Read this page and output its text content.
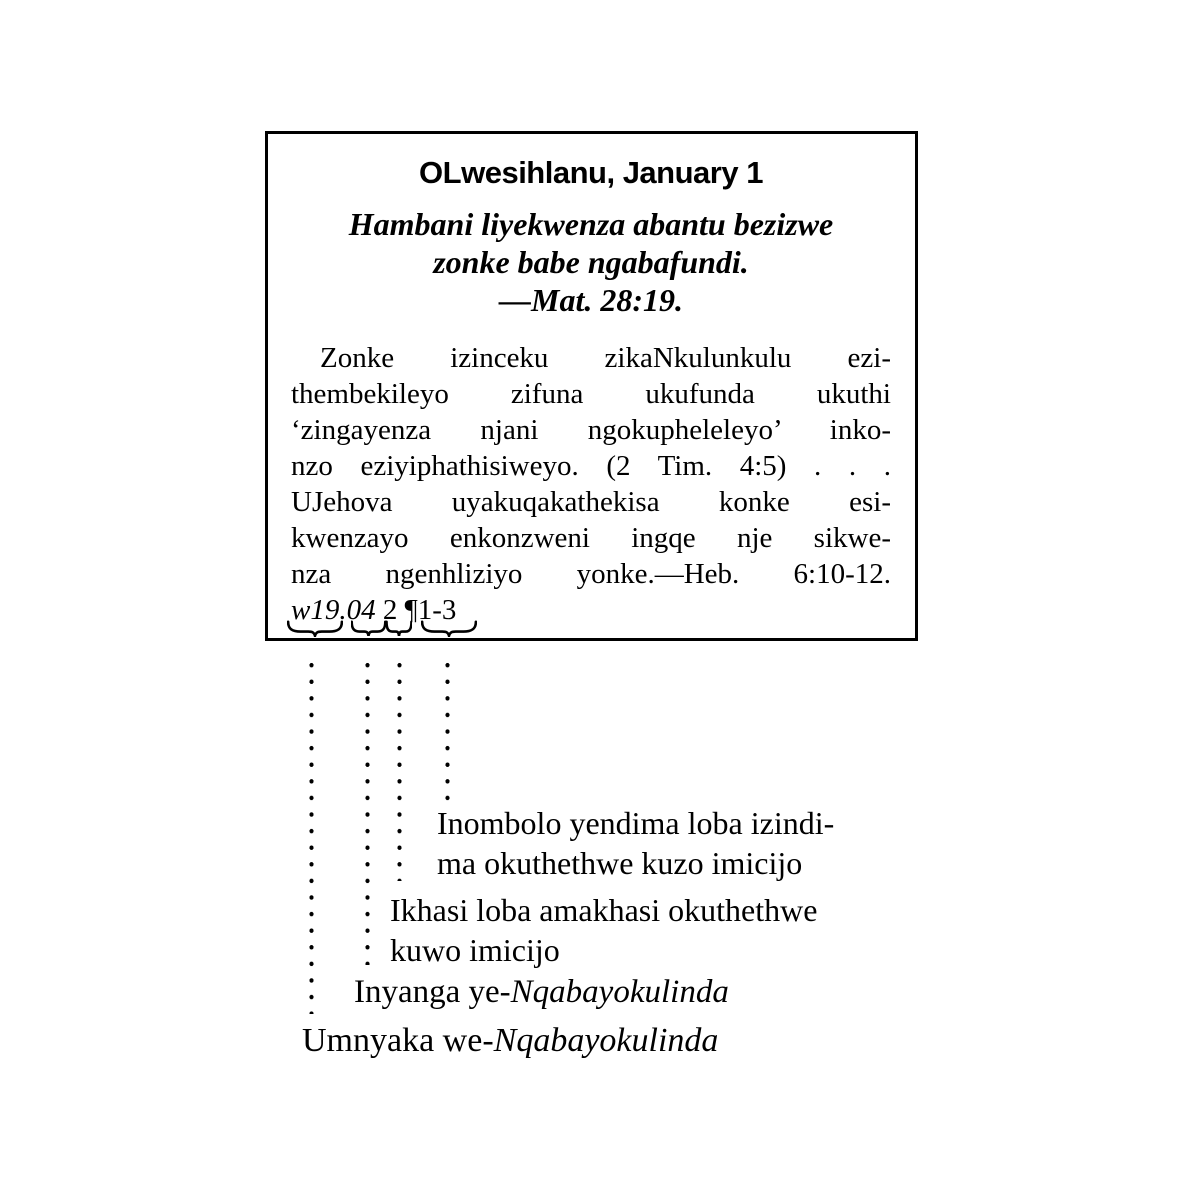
OLwesihlanu, January 1
Hambani liyekwenza abantu bezizwe
zonke babe ngabafundi.
—Mat. 28:19.
Zonke izinceku zikaNkulunkulu ezi-
thembekileyo zifuna ukufunda ukuthi
‘zingayenza njani ngokupheleleyo’ inko-
nzo eziyiphathisiweyo. (2 Tim. 4:5) . . .
UJehova uyakuqakathekisa konke esi-
kwenzayo enkonzweni ingqe nje sikwe-
nza ngenhliziyo yonke.—Heb. 6:10-12.
w19.04 2 ¶1-3
Inombolo yendima loba izindi-
ma okuthethwe kuzo imicijo
Ikhasi loba amakhasi okuthethwe
kuwo imicijo
Inyanga ye-Nqabayokulinda
Umnyaka we-Nqabayokulinda
